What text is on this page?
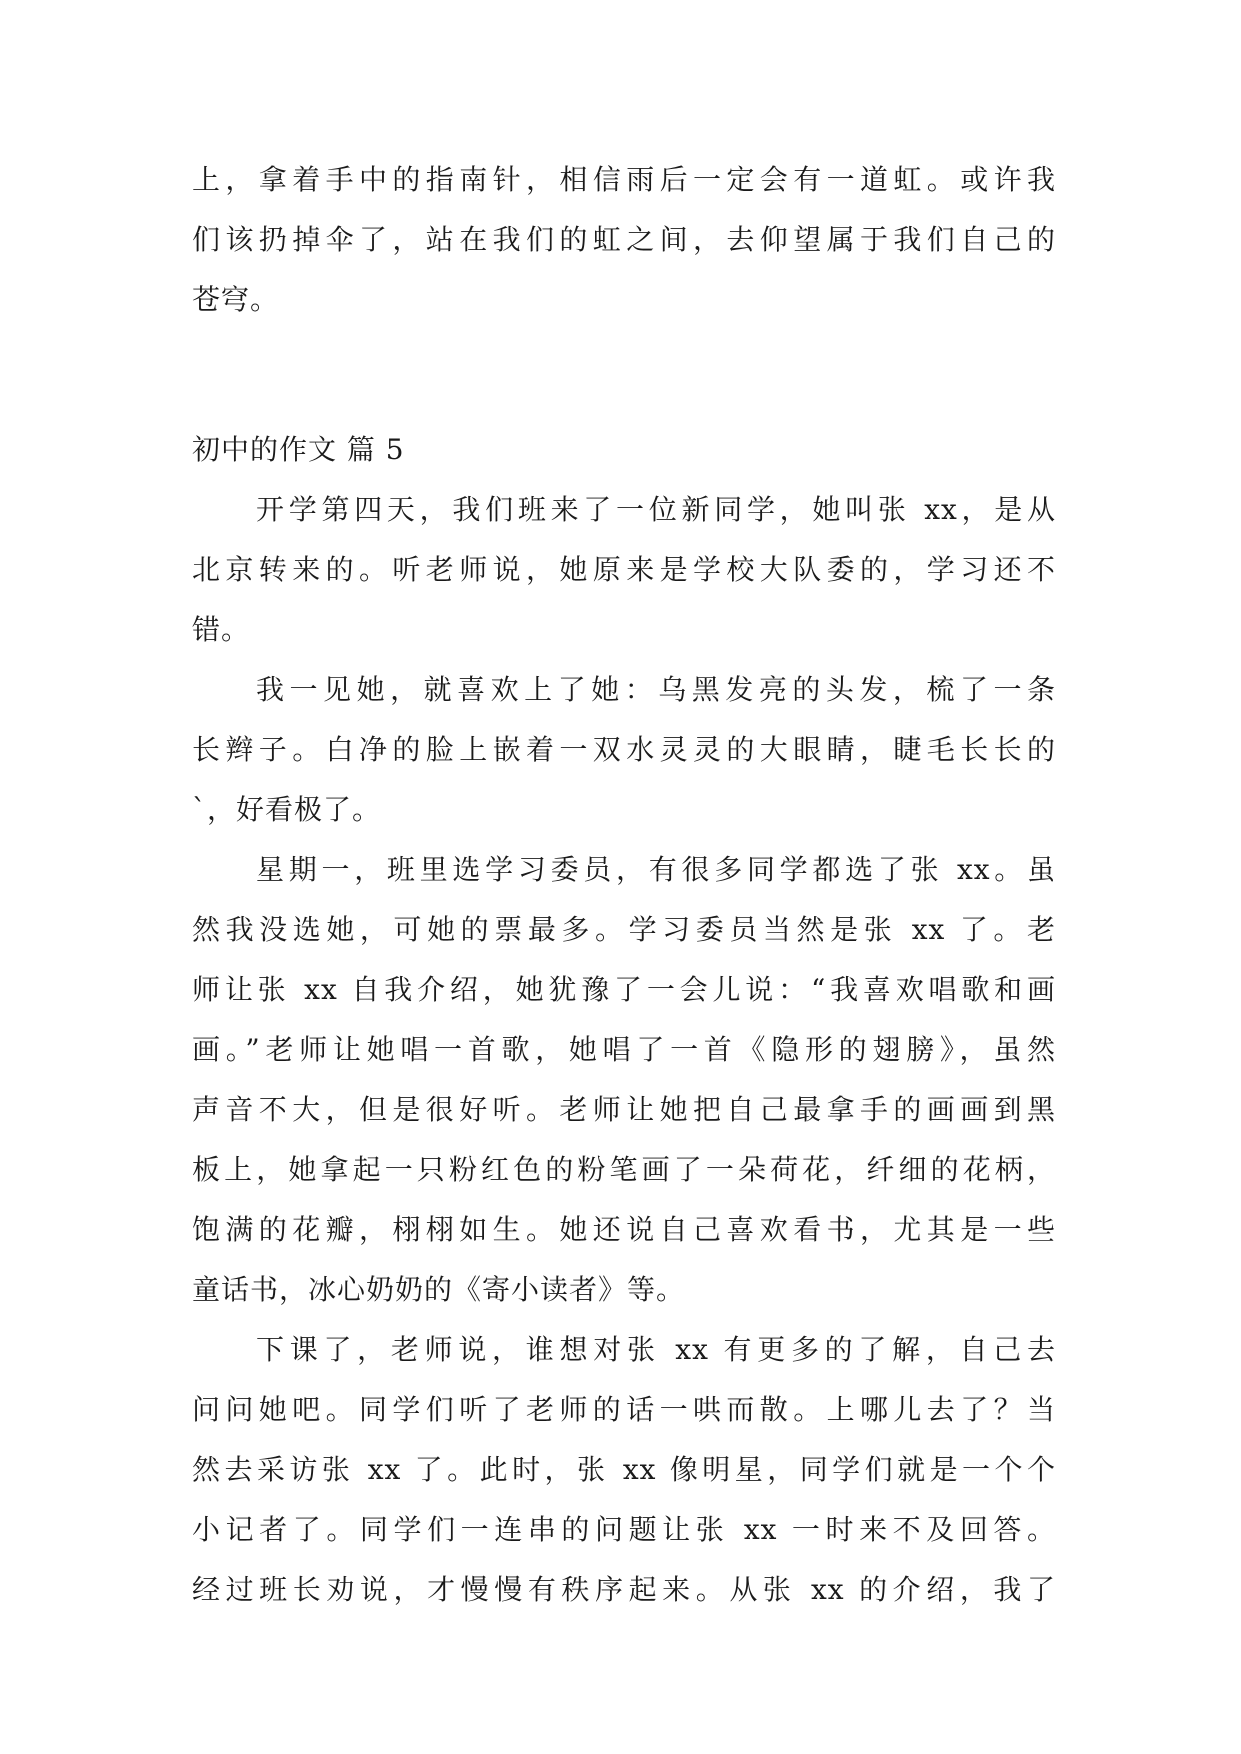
上，拿着手中的指南针，相信雨后一定会有一道虹。或许我
们该扔掉伞了，站在我们的虹之间，去仰望属于我们自己的
苍穹。
初中的作文 篇 5
开学第四天，我们班来了一位新同学，她叫张 xx，是从
北京转来的。听老师说，她原来是学校大队委的，学习还不
错。
我一见她，就喜欢上了她：乌黑发亮的头发，梳了一条
长辫子。白净的脸上嵌着一双水灵灵的大眼睛，睫毛长长的
`，好看极了。
星期一，班里选学习委员，有很多同学都选了张 xx。虽
然我没选她，可她的票最多。学习委员当然是张 xx 了。老
师让张 xx 自我介绍，她犹豫了一会儿说：“我喜欢唱歌和画
画。”老师让她唱一首歌，她唱了一首《隐形的翅膀》，虽然
声音不大，但是很好听。老师让她把自己最拿手的画画到黑
板上，她拿起一只粉红色的粉笔画了一朵荷花，纤细的花柄，
饱满的花瓣，栩栩如生。她还说自己喜欢看书，尤其是一些
童话书，冰心奶奶的《寄小读者》等。
下课了，老师说，谁想对张 xx 有更多的了解，自己去
问问她吧。同学们听了老师的话一哄而散。上哪儿去了？当
然去采访张 xx 了。此时，张 xx 像明星，同学们就是一个个
小记者了。同学们一连串的问题让张 xx 一时来不及回答。
经过班长劝说，才慢慢有秩序起来。从张 xx 的介绍，我了
